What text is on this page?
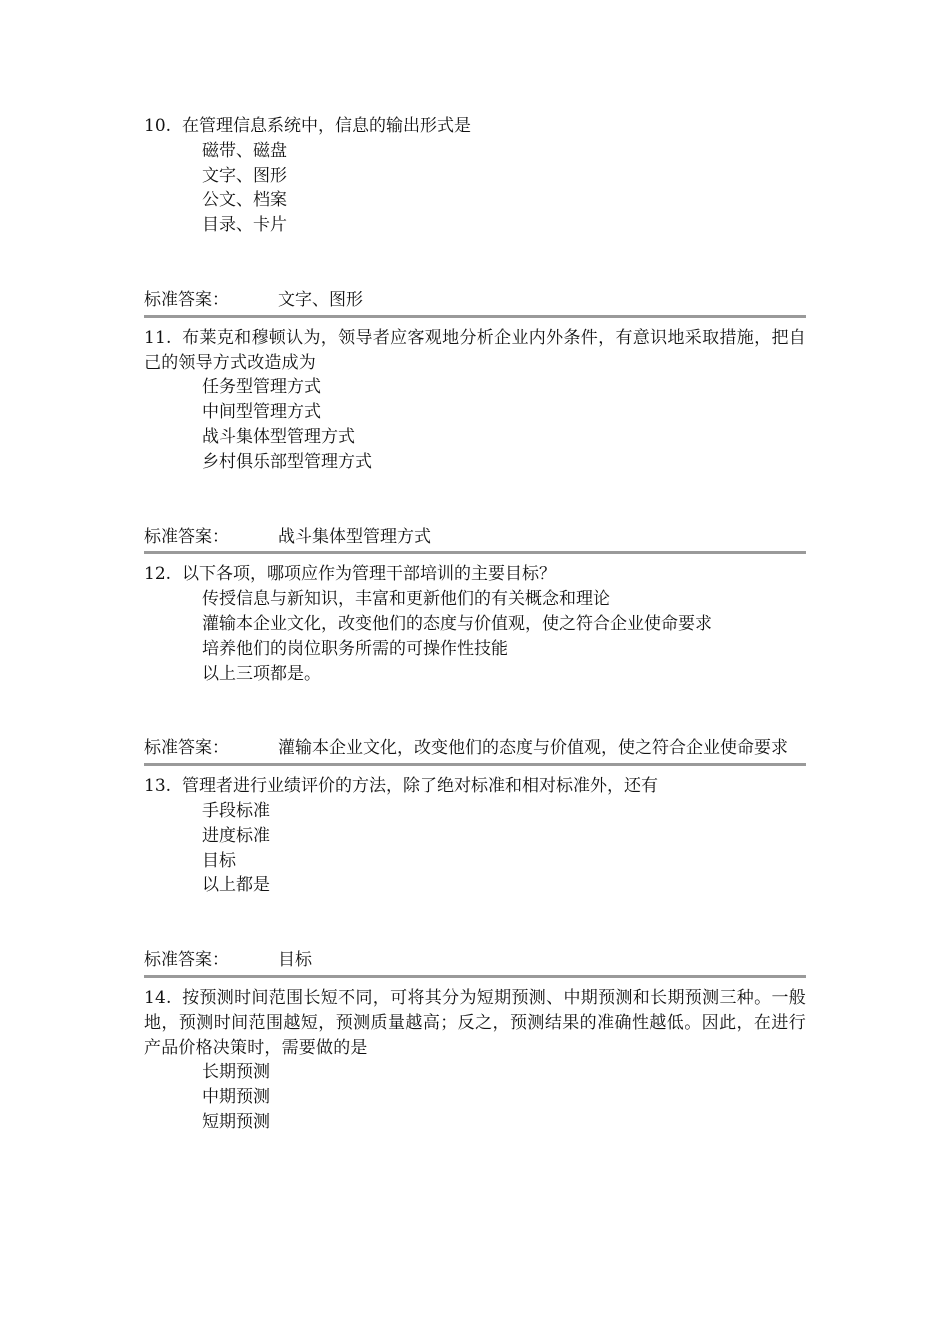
10. 在管理信息系统中，信息的输出形式是
磁带、磁盘
文字、图形
公文、档案
目录、卡片
标准答案：	文字、图形
11. 布莱克和穆顿认为，领导者应客观地分析企业内外条件，有意识地采取措施，把自己的领导方式改造成为
任务型管理方式
中间型管理方式
战斗集体型管理方式
乡村俱乐部型管理方式
标准答案：	战斗集体型管理方式
12. 以下各项，哪项应作为管理干部培训的主要目标？
传授信息与新知识，丰富和更新他们的有关概念和理论
灌输本企业文化，改变他们的态度与价值观，使之符合企业使命要求
培养他们的岗位职务所需的可操作性技能
以上三项都是。
标准答案：	灌输本企业文化，改变他们的态度与价值观，使之符合企业使命要求
13. 管理者进行业绩评价的方法，除了绝对标准和相对标准外，还有
手段标准
进度标准
目标
以上都是
标准答案：	目标
14. 按预测时间范围长短不同，可将其分为短期预测、中期预测和长期预测三种。一般地，预测时间范围越短，预测质量越高；反之，预测结果的准确性越低。因此，在进行产品价格决策时，需要做的是
长期预测
中期预测
短期预测
